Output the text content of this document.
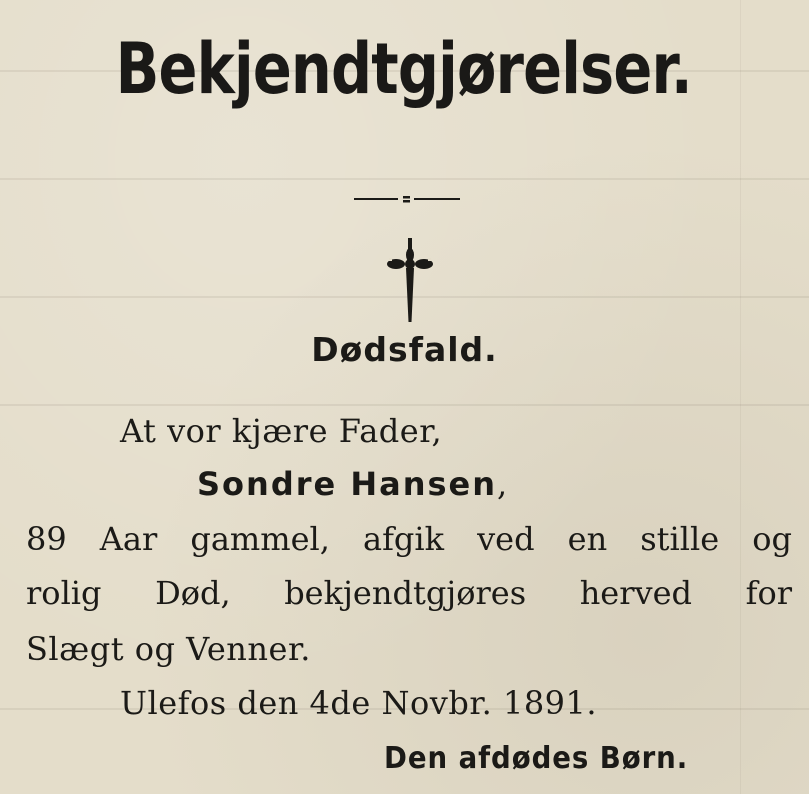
Bekjendtgjørelser.
Dødsfald.
At vor kjære Fader,
Sondre Hansen,
89 Aar gammel, afgik ved en stille og
rolig Død, bekjendtgjøres herved for
Slægt og Venner.
Ulefos den 4de Novbr. 1891.
Den afdødes Børn.
